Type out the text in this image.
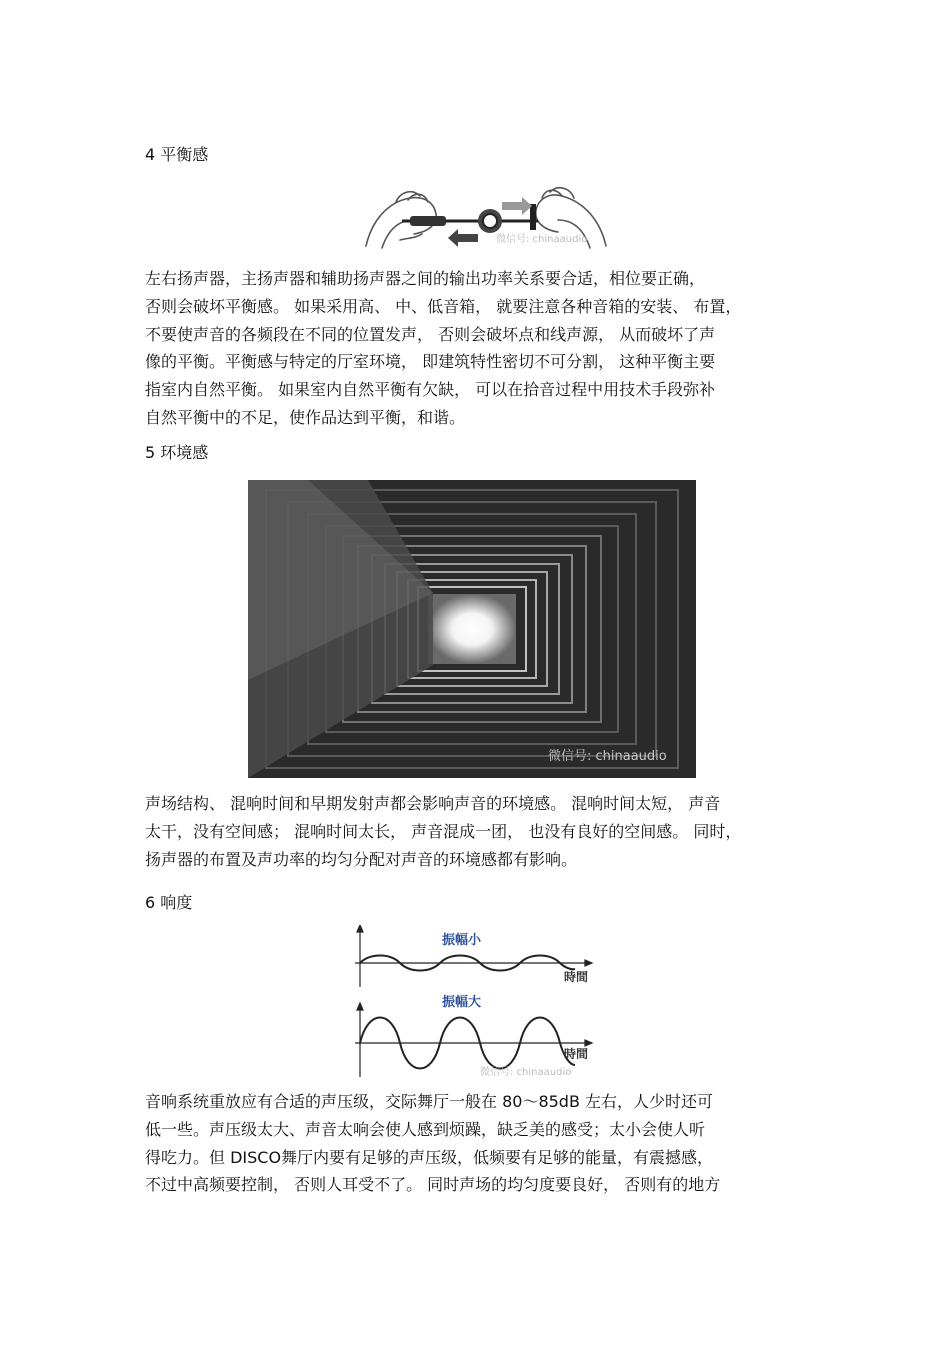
4 平衡感
微信号: chinaaudio
左右扬声器，主扬声器和辅助扬声器之间的输出功率关系要合适，相位要正确，
否则会破坏平衡感。 如果采用高、 中、低音箱， 就要注意各种音箱的安装、 布置，
不要使声音的各频段在不同的位置发声， 否则会破坏点和线声源， 从而破坏了声
像的平衡。平衡感与特定的厅室环境， 即建筑特性密切不可分割， 这种平衡主要
指室内自然平衡。 如果室内自然平衡有欠缺， 可以在拾音过程中用技术手段弥补
自然平衡中的不足，使作品达到平衡，和谐。
5 环境感
微信号: chinaaudio
声场结构、 混响时间和早期发射声都会影响声音的环境感。 混响时间太短， 声音
太干，没有空间感； 混响时间太长， 声音混成一团， 也没有良好的空间感。 同时，
扬声器的布置及声功率的均匀分配对声音的环境感都有影响。
6 响度
振幅小
時間
振幅大
時間
微信号: chinaaudio
音响系统重放应有合适的声压级，交际舞厅一般在 80～85dB 左右，人少时还可
低一些。声压级太大、声音太响会使人感到烦躁，缺乏美的感受；太小会使人听
得吃力。但 DISCO舞厅内要有足够的声压级，低频要有足够的能量，有震撼感，
不过中高频要控制， 否则人耳受不了。 同时声场的均匀度要良好， 否则有的地方
